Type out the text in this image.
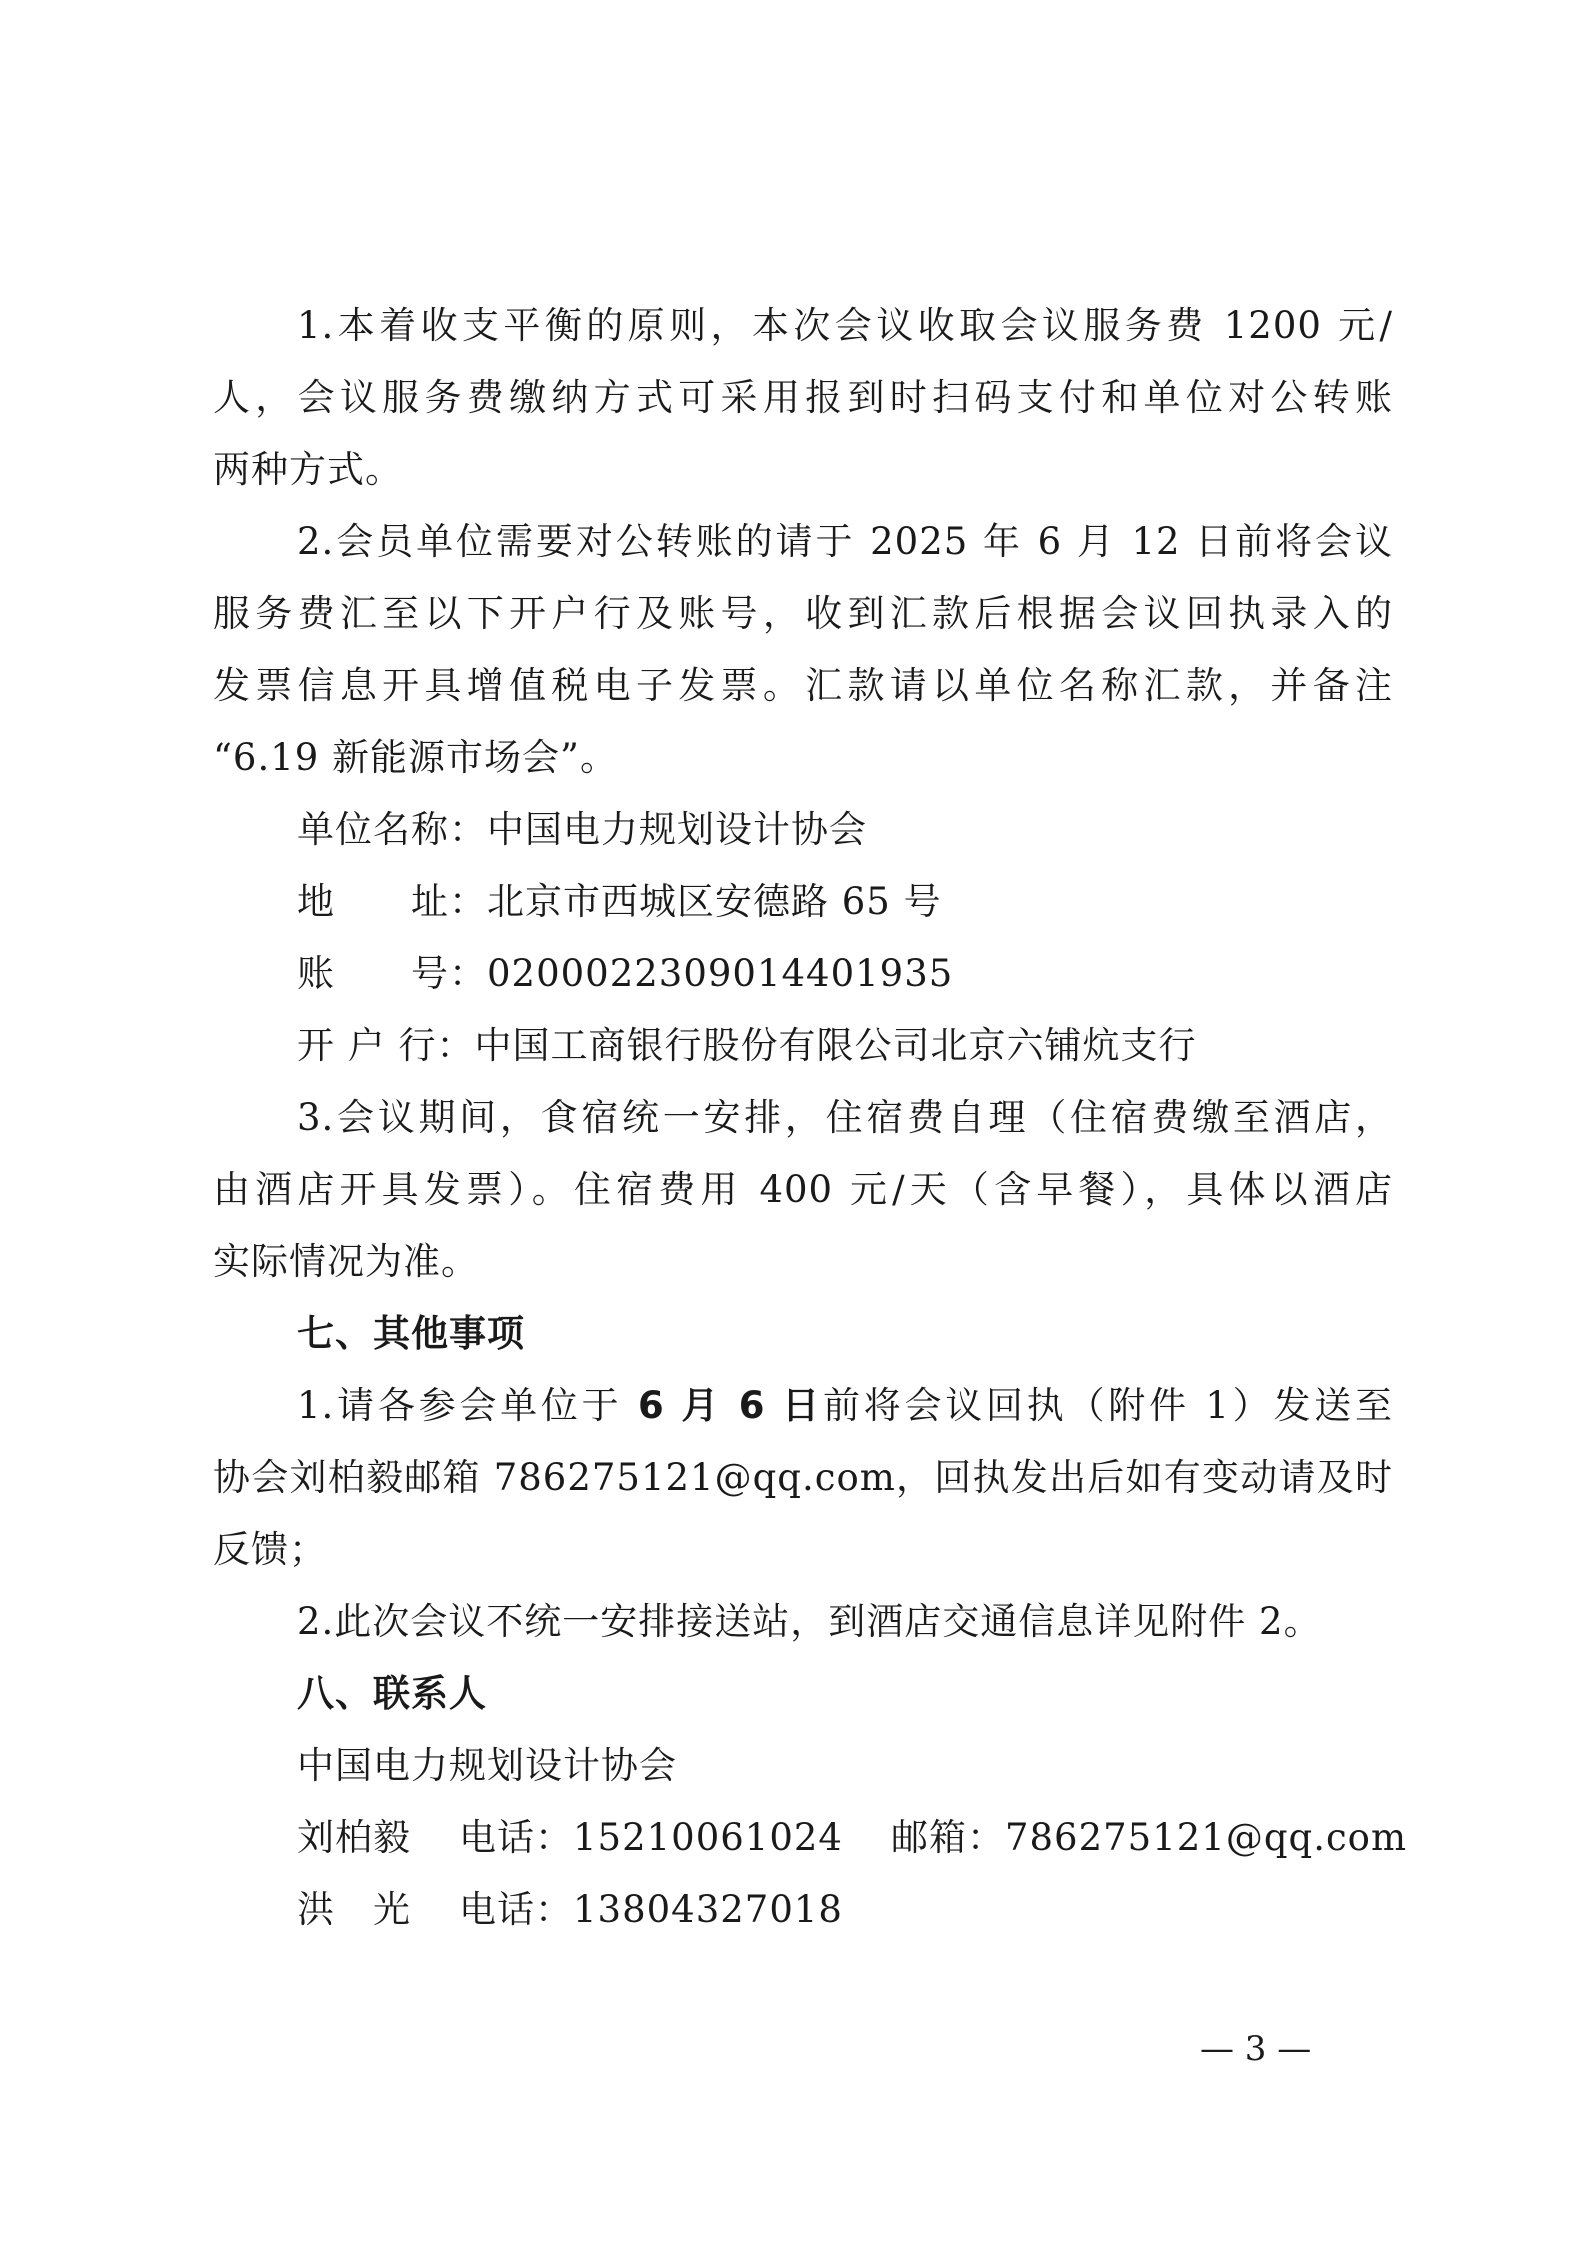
1.本着收支平衡的原则，本次会议收取会议服务费 1200 元/
人，会议服务费缴纳方式可采用报到时扫码支付和单位对公转账
两种方式。
2.会员单位需要对公转账的请于 2025 年 6 月 12 日前将会议
服务费汇至以下开户行及账号，收到汇款后根据会议回执录入的
发票信息开具增值税电子发票。汇款请以单位名称汇款，并备注
“6.19 新能源市场会”。
单位名称：中国电力规划设计协会
地　　址：北京市西城区安德路 65 号
账　　号：0200022309014401935
开 户 行：中国工商银行股份有限公司北京六铺炕支行
3.会议期间，食宿统一安排，住宿费自理（住宿费缴至酒店，
由酒店开具发票）。住宿费用 400 元/天（含早餐），具体以酒店
实际情况为准。
七、其他事项
1.请各参会单位于 6 月 6 日前将会议回执（附件 1）发送至
协会刘柏毅邮箱 786275121@qq.com，回执发出后如有变动请及时
反馈；
2.此次会议不统一安排接送站，到酒店交通信息详见附件 2。
八、联系人
中国电力规划设计协会
刘柏毅 电话：15210061024 邮箱：786275121@qq.com
洪　光 电话：13804327018
— 3 —
